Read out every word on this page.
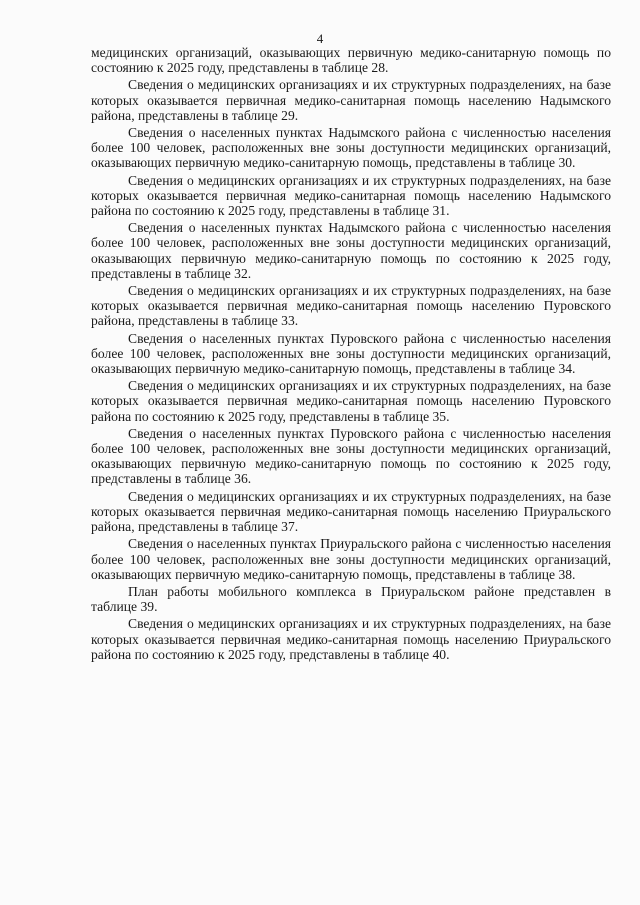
4

медицинских организаций, оказывающих первичную медико-санитарную помощь по состоянию к 2025 году, представлены в таблице 28.

Сведения о медицинских организациях и их структурных подразделениях, на базе которых оказывается первичная медико-санитарная помощь населению Надымского района, представлены в таблице 29.

Сведения о населенных пунктах Надымского района с численностью населения более 100 человек, расположенных вне зоны доступности медицинских организаций, оказывающих первичную медико-санитарную помощь, представлены в таблице 30.

Сведения о медицинских организациях и их структурных подразделениях, на базе которых оказывается первичная медико-санитарная помощь населению Надымского района по состоянию к 2025 году, представлены в таблице 31.

Сведения о населенных пунктах Надымского района с численностью населения более 100 человек, расположенных вне зоны доступности медицинских организаций, оказывающих первичную медико-санитарную помощь по состоянию к 2025 году, представлены в таблице 32.

Сведения о медицинских организациях и их структурных подразделениях, на базе которых оказывается первичная медико-санитарная помощь населению Пуровского района, представлены в таблице 33.

Сведения о населенных пунктах Пуровского района с численностью населения более 100 человек, расположенных вне зоны доступности медицинских организаций, оказывающих первичную медико-санитарную помощь, представлены в таблице 34.

Сведения о медицинских организациях и их структурных подразделениях, на базе которых оказывается первичная медико-санитарная помощь населению Пуровского района по состоянию к 2025 году, представлены в таблице 35.

Сведения о населенных пунктах Пуровского района с численностью населения более 100 человек, расположенных вне зоны доступности медицинских организаций, оказывающих первичную медико-санитарную помощь по состоянию к 2025 году, представлены в таблице 36.

Сведения о медицинских организациях и их структурных подразделениях, на базе которых оказывается первичная медико-санитарная помощь населению Приуральского района, представлены в таблице 37.

Сведения о населенных пунктах Приуральского района с численностью населения более 100 человек, расположенных вне зоны доступности медицинских организаций, оказывающих первичную медико-санитарную помощь, представлены в таблице 38.

План работы мобильного комплекса в Приуральском районе представлен в таблице 39.

Сведения о медицинских организациях и их структурных подразделениях, на базе которых оказывается первичная медико-санитарная помощь населению Приуральского района по состоянию к 2025 году, представлены в таблице 40.
